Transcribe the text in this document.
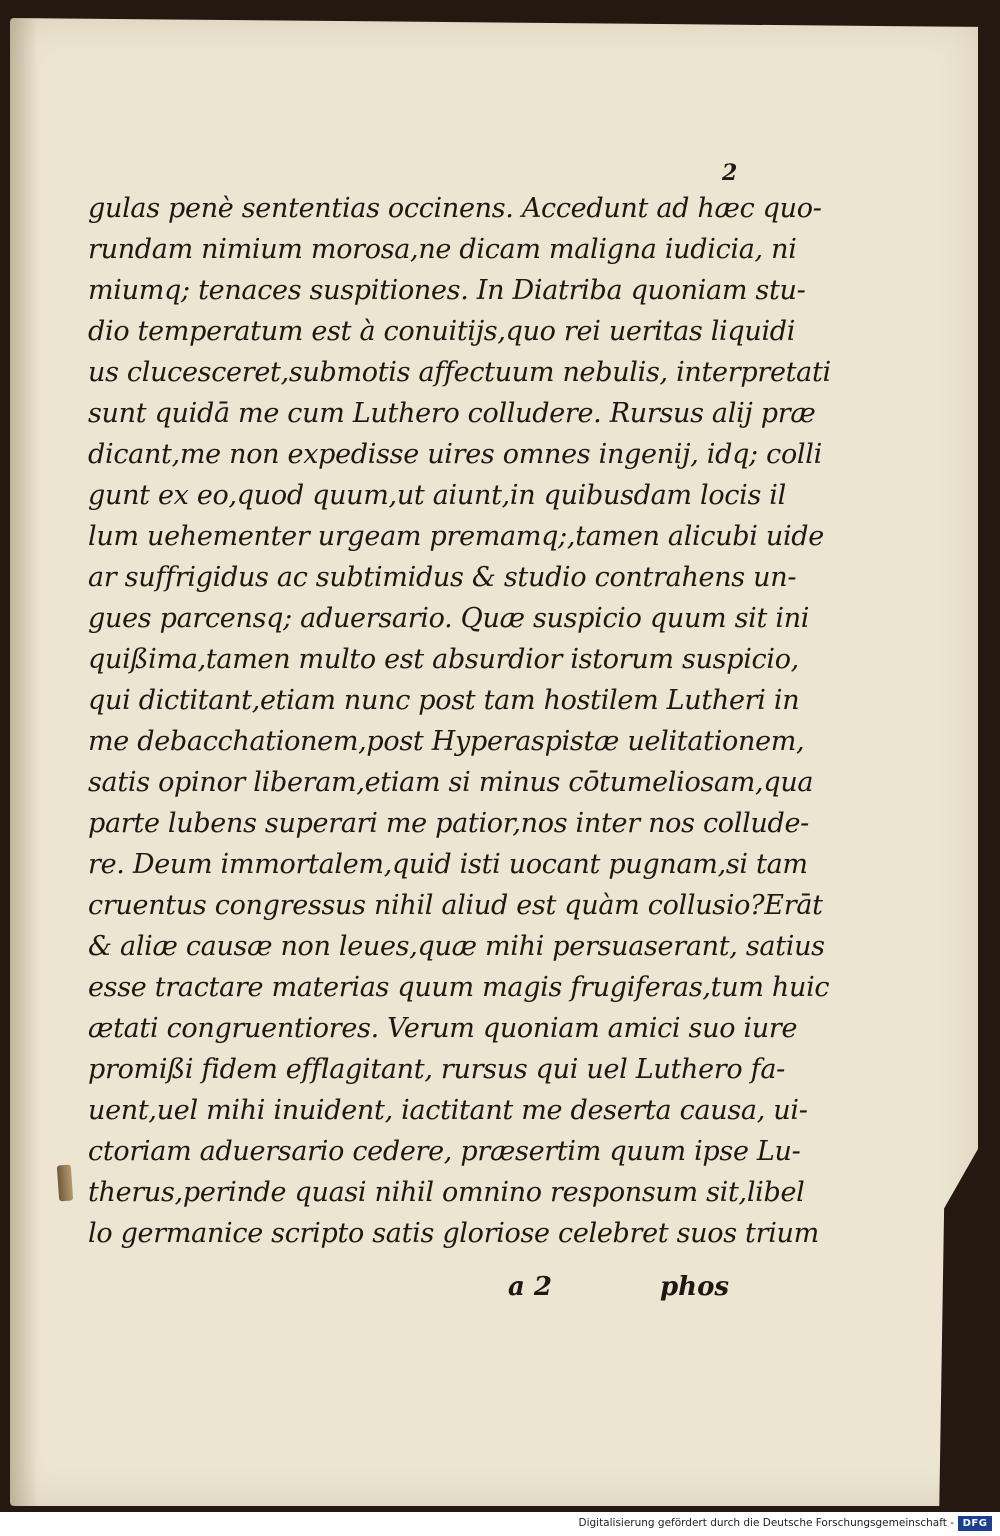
2
gulas penè sententias occinens. Accedunt ad hæc quo-
rundam nimium morosa,ne dicam maligna iudicia, ni
miumq; tenaces suspitiones. In Diatriba quoniam stu-
dio temperatum est à conuitijs,quo rei ueritas liquidi
us clucesceret,submotis affectuum nebulis, interpretati
sunt quidā me cum Luthero colludere. Rursus alij præ
dicant,me non expedisse uires omnes ingenij, idq; colli
gunt ex eo,quod quum,ut aiunt,in quibusdam locis il
lum uehementer urgeam premamq;,tamen alicubi uide
ar suffrigidus ac subtimidus & studio contrahens un-
gues parcensq; aduersario. Quæ suspicio quum sit ini
quißima,tamen multo est absurdior istorum suspicio,
qui dictitant,etiam nunc post tam hostilem Lutheri in
me debacchationem,post Hyperaspistæ uelitationem,
satis opinor liberam,etiam si minus cōtumeliosam,qua
parte lubens superari me patior,nos inter nos collude-
re. Deum immortalem,quid isti uocant pugnam,si tam
cruentus congressus nihil aliud est quàm collusio?Erāt
& aliæ causæ non leues,quæ mihi persuaserant, satius
esse tractare materias quum magis frugiferas,tum huic
ætati congruentiores. Verum quoniam amici suo iure
promißi fidem efflagitant, rursus qui uel Luthero fa-
uent,uel mihi inuident, iactitant me deserta causa, ui-
ctoriam aduersario cedere, præsertim quum ipse Lu-
therus,perinde quasi nihil omnino responsum sit,libel
lo germanice scripto satis gloriose celebret suos trium
a 2	phos
Digitalisierung gefördert durch die Deutsche Forschungsgemeinschaft - DFG
